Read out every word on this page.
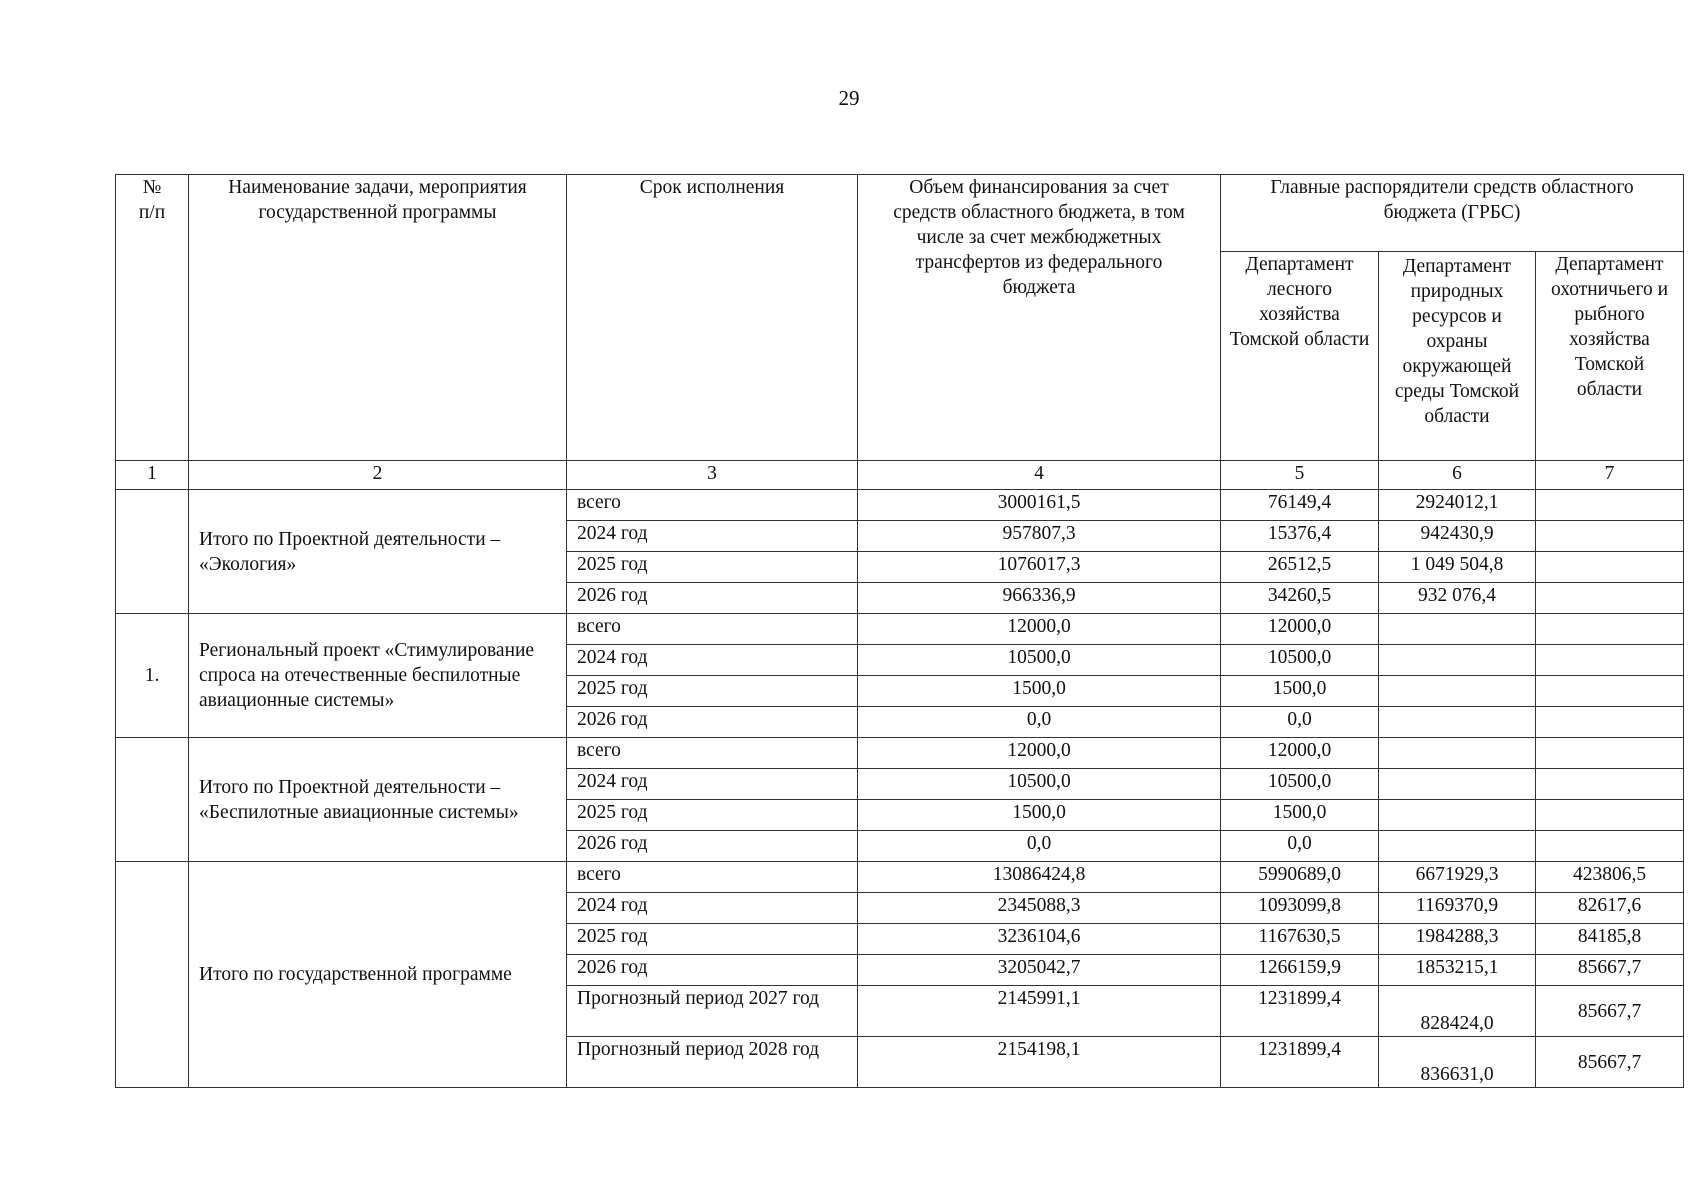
29
№
п/п	Наименование задачи, мероприятия государственной программы	Срок исполнения	Объем финансирования за счет средств областного бюджета, в том числе за счет межбюджетных трансфертов из федерального бюджета	Главные распорядители средств областного бюджета (ГРБС)		
				Департамент лесного хозяйства Томской области	Департамент природных ресурсов и охраны окружающей среды Томской области	Департамент охотничьего и рыбного хозяйства Томской области
1	2	3	4	5	6	7
	Итого по Проектной деятельности – «Экология»	всего	3000161,5	76149,4	2924012,1	
		2024 год	957807,3	15376,4	942430,9	
		2025 год	1076017,3	26512,5	1 049 504,8	
		2026 год	966336,9	34260,5	932 076,4	
1.	Региональный проект «Стимулирование спроса на отечественные беспилотные авиационные системы»	всего	12000,0	12000,0		
		2024 год	10500,0	10500,0		
		2025 год	1500,0	1500,0		
		2026 год	0,0	0,0		
	Итого по Проектной деятельности – «Беспилотные авиационные системы»	всего	12000,0	12000,0		
		2024 год	10500,0	10500,0		
		2025 год	1500,0	1500,0		
		2026 год	0,0	0,0		
	Итого по государственной программе	всего	13086424,8	5990689,0	6671929,3	423806,5
		2024 год	2345088,3	1093099,8	1169370,9	82617,6
		2025 год	3236104,6	1167630,5	1984288,3	84185,8
		2026 год	3205042,7	1266159,9	1853215,1	85667,7
		Прогнозный период 2027 год	2145991,1	1231899,4	828424,0	85667,7
		Прогнозный период 2028 год	2154198,1	1231899,4	836631,0	85667,7
